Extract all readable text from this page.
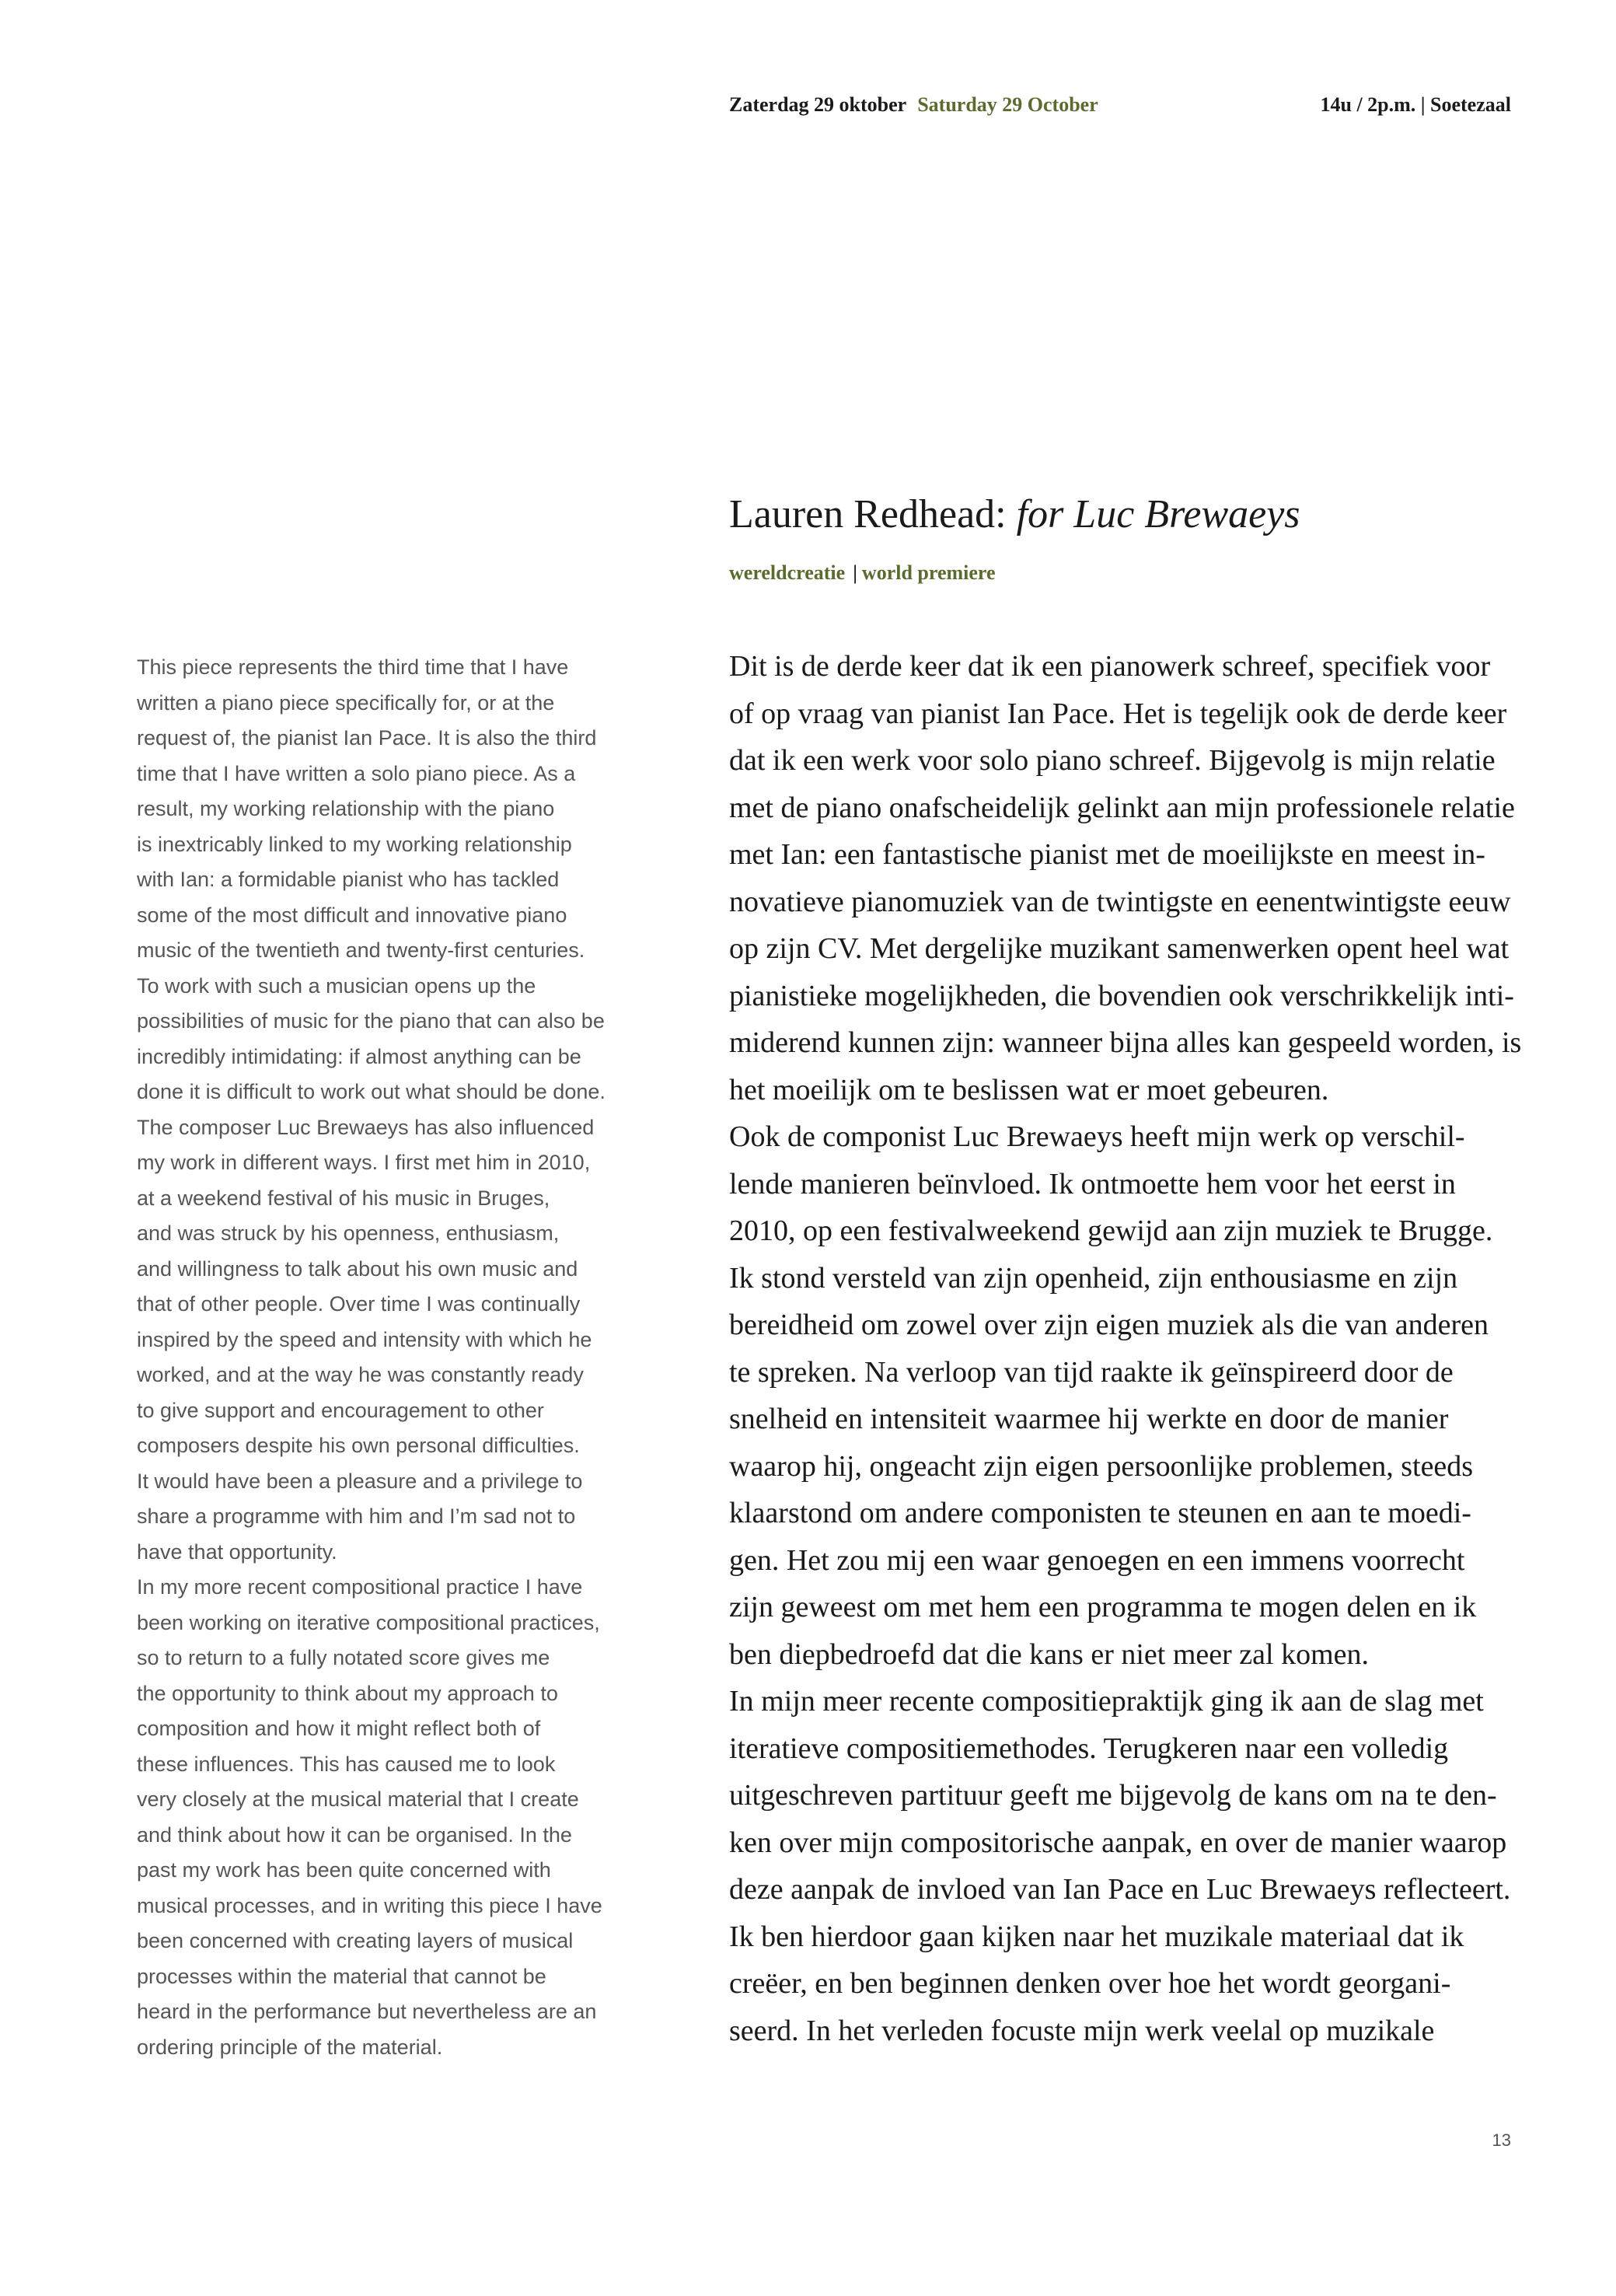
Zaterdag 29 oktober Saturday 29 October	14u / 2p.m. | Soetezaal
Lauren Redhead: for Luc Brewaeys
wereldcreatie | world premiere
This piece represents the third time that I have
written a piano piece specifically for, or at the
request of, the pianist Ian Pace. It is also the third
time that I have written a solo piano piece. As a
result, my working relationship with the piano
is inextricably linked to my working relationship
with Ian: a formidable pianist who has tackled
some of the most difficult and innovative piano
music of the twentieth and twenty-first centuries.
To work with such a musician opens up the
possibilities of music for the piano that can also be
incredibly intimidating: if almost anything can be
done it is difficult to work out what should be done.
The composer Luc Brewaeys has also influenced
my work in different ways. I first met him in 2010,
at a weekend festival of his music in Bruges,
and was struck by his openness, enthusiasm,
and willingness to talk about his own music and
that of other people. Over time I was continually
inspired by the speed and intensity with which he
worked, and at the way he was constantly ready
to give support and encouragement to other
composers despite his own personal difficulties.
It would have been a pleasure and a privilege to
share a programme with him and I’m sad not to
have that opportunity.
In my more recent compositional practice I have
been working on iterative compositional practices,
so to return to a fully notated score gives me
the opportunity to think about my approach to
composition and how it might reflect both of
these influences. This has caused me to look
very closely at the musical material that I create
and think about how it can be organised. In the
past my work has been quite concerned with
musical processes, and in writing this piece I have
been concerned with creating layers of musical
processes within the material that cannot be
heard in the performance but nevertheless are an
ordering principle of the material.
Dit is de derde keer dat ik een pianowerk schreef, specifiek voor
of op vraag van pianist Ian Pace. Het is tegelijk ook de derde keer
dat ik een werk voor solo piano schreef. Bijgevolg is mijn relatie
met de piano onafscheidelijk gelinkt aan mijn professionele relatie
met Ian: een fantastische pianist met de moeilijkste en meest in-
novatieve pianomuziek van de twintigste en eenentwintigste eeuw
op zijn CV. Met dergelijke muzikant samenwerken opent heel wat
pianistieke mogelijkheden, die bovendien ook verschrikkelijk inti-
miderend kunnen zijn: wanneer bijna alles kan gespeeld worden, is
het moeilijk om te beslissen wat er moet gebeuren.
Ook de componist Luc Brewaeys heeft mijn werk op verschil-
lende manieren beïnvloed. Ik ontmoette hem voor het eerst in
2010, op een festivalweekend gewijd aan zijn muziek te Brugge.
Ik stond versteld van zijn openheid, zijn enthousiasme en zijn
bereidheid om zowel over zijn eigen muziek als die van anderen
te spreken. Na verloop van tijd raakte ik geïnspireerd door de
snelheid en intensiteit waarmee hij werkte en door de manier
waarop hij, ongeacht zijn eigen persoonlijke problemen, steeds
klaarstond om andere componisten te steunen en aan te moedi-
gen. Het zou mij een waar genoegen en een immens voorrecht
zijn geweest om met hem een programma te mogen delen en ik
ben diepbedroefd dat die kans er niet meer zal komen.
In mijn meer recente compositiepraktijk ging ik aan de slag met
iteratieve compositiemethodes. Terugkeren naar een volledig
uitgeschreven partituur geeft me bijgevolg de kans om na te den-
ken over mijn compositorische aanpak, en over de manier waarop
deze aanpak de invloed van Ian Pace en Luc Brewaeys reflecteert.
Ik ben hierdoor gaan kijken naar het muzikale materiaal dat ik
creëer, en ben beginnen denken over hoe het wordt georgani-
seerd. In het verleden focuste mijn werk veelal op muzikale
13
